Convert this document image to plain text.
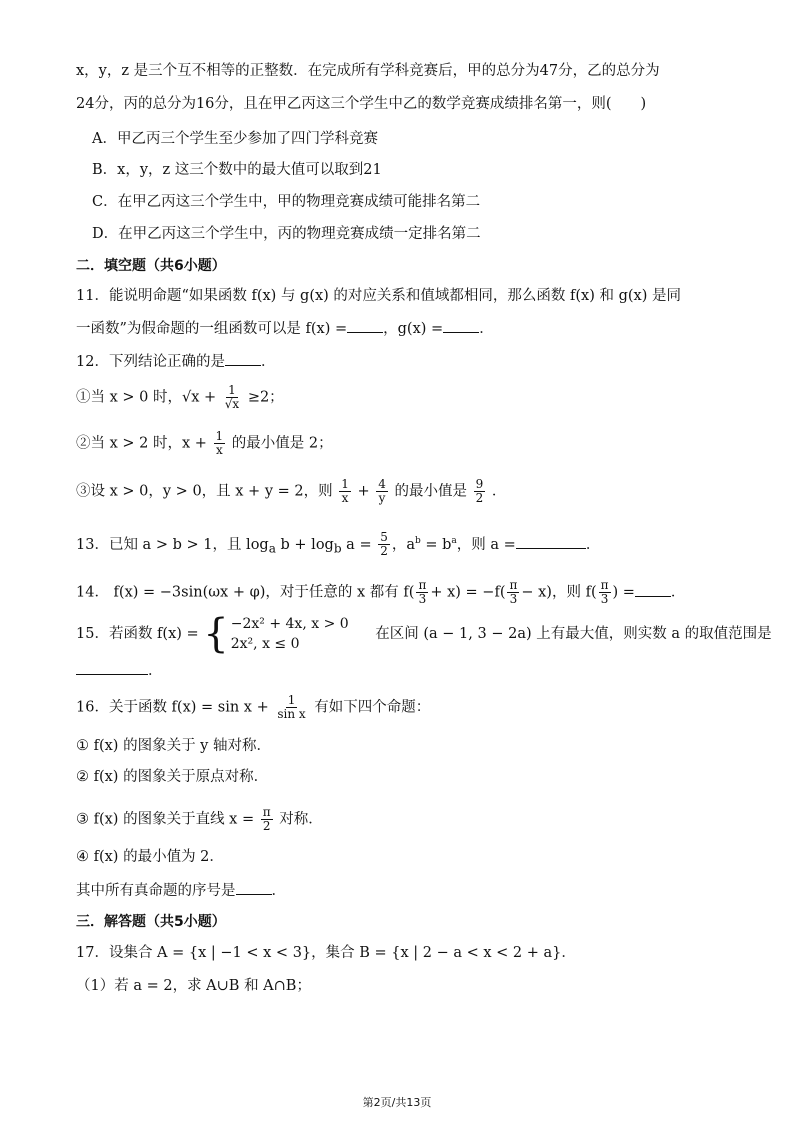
x，y，z 是三个互不相等的正整数．在完成所有学科竞赛后，甲的总分为47分，乙的总分为
24分，丙的总分为16分，且在甲乙丙这三个学生中乙的数学竞赛成绩排名第一，则(　　)
A．甲乙丙三个学生至少参加了四门学科竞赛
B．x，y，z 这三个数中的最大值可以取到21
C．在甲乙丙这三个学生中，甲的物理竞赛成绩可能排名第二
D．在甲乙丙这三个学生中，丙的物理竞赛成绩一定排名第二
二．填空题（共6小题）
11．能说明命题“如果函数 f(x) 与 g(x) 的对应关系和值域都相同，那么函数 f(x) 和 g(x) 是同
一函数”为假命题的一组函数可以是 f(x) = ，g(x) = ．
12．下列结论正确的是 ．
①当 x > 0 时，$√x + \frac{1}{√x} \ge 2$；
②当 x > 2 时，$x + \frac{1}{x}$ 的最小值是 2；
③设 x > 0，y > 0，且 x + y = 2，则 $\frac{1}{x} + \frac{4}{y}$ 的最小值是 $\frac{9}{2}$ ．
13．已知 a > b > 1，且 $\log_a b + \log_b a = \frac{5}{2}$ ，$a^b = b^a$，则 a =	．
14． f(x) = −3sin(ωx + φ)，对于任意的 x 都有 $f( \frac{\pi}{3} + x) = -f( \frac{\pi}{3} - x)$，则 $f( \frac{\pi}{3}$ ) = ．
15．若函数 f(x) = { −2x² + 4x, x > 0
2x², x ≤ 0
在区间 (a − 1, 3 − 2a) 上有最大值，则实数 a 的取值范围是
．
16．关于函数 $f(x) = \sin x + \frac{1}{\text{sin x}}$ 有如下四个命题：
① f(x) 的图象关于 y 轴对称．
② f(x) 的图象关于原点对称．
③ f(x) 的图象关于直线 $x = \frac{\pi}{2}$ 对称．
④ f(x) 的最小值为 2．
其中所有真命题的序号是 ．
三．解答题（共5小题）
17．设集合 A = {x | −1 < x < 3}，集合 B = {x | 2 − a < x < 2 + a}．
（1）若 a = 2，求 A∪B 和 A∩B；
第2页/共13页
